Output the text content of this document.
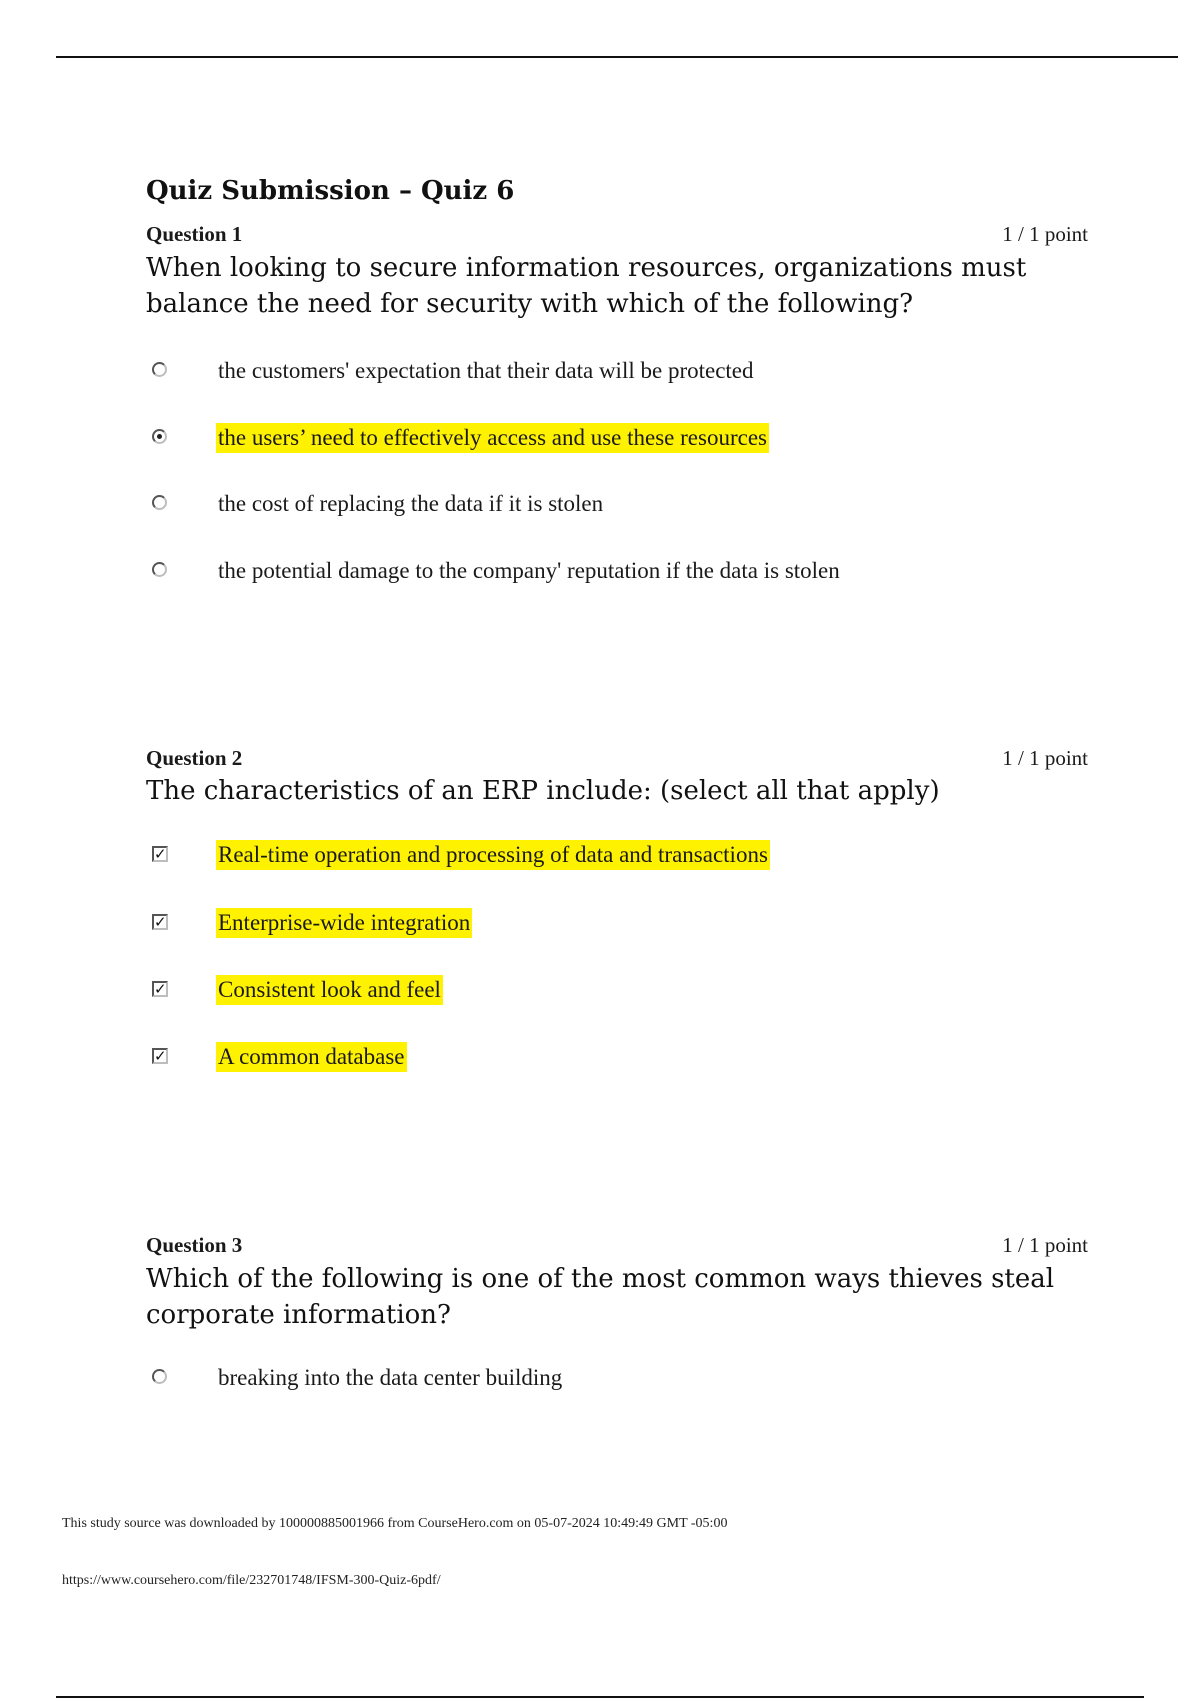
Quiz Submission – Quiz 6
Question 1	1 / 1 point

When looking to secure information resources, organizations must balance the need for security with which of the following?

the customers' expectation that their data will be protected
the users’ need to effectively access and use these resources
the cost of replacing the data if it is stolen
the potential damage to the company' reputation if the data is stolen
Question 2	1 / 1 point

The characteristics of an ERP include: (select all that apply)

✓ Real-time operation and processing of data and transactions
✓ Enterprise-wide integration
✓ Consistent look and feel
✓ A common database
Question 3	1 / 1 point

Which of the following is one of the most common ways thieves steal corporate information?

breaking into the data center building

This study source was downloaded by 100000885001966 from CourseHero.com on 05-07-2024 10:49:49 GMT -05:00

https://www.coursehero.com/file/232701748/IFSM-300-Quiz-6pdf/
